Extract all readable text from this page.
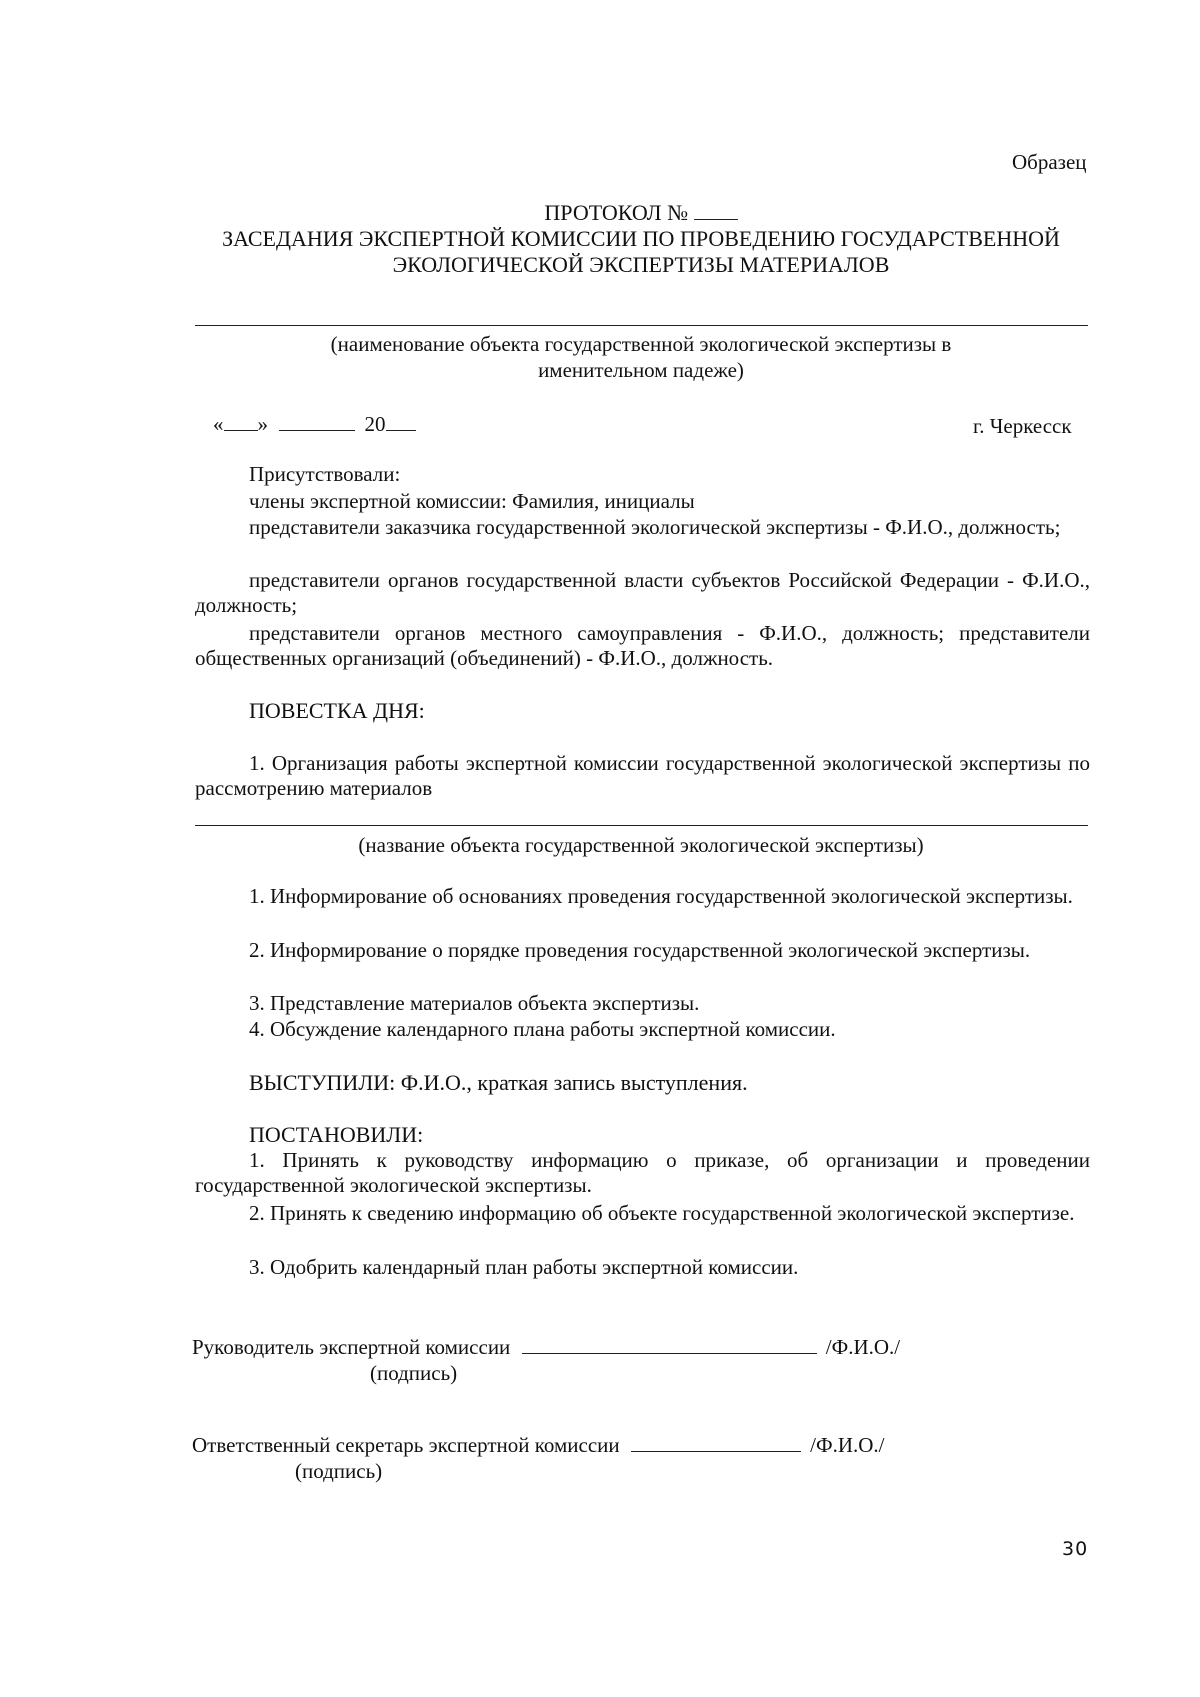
Образец
ПРОТОКОЛ №
ЗАСЕДАНИЯ ЭКСПЕРТНОЙ КОМИССИИ ПО ПРОВЕДЕНИЮ ГОСУДАРСТВЕННОЙ
ЭКОЛОГИЧЕСКОЙ ЭКСПЕРТИЗЫ МАТЕРИАЛОВ
(наименование объекта государственной экологической экспертизы в
именительном падеже)
« »	20	г. Черкесск
Присутствовали:
члены экспертной комиссии: Фамилия, инициалы
представители заказчика государственной экологической экспертизы - Ф.И.О., должность;
представители органов государственной власти субъектов Российской Федерации - Ф.И.О., должность;
представители органов местного самоуправления - Ф.И.О., должность; представители общественных организаций (объединений) - Ф.И.О., должность.
ПОВЕСТКА ДНЯ:
1. Организация работы экспертной комиссии государственной экологической экспертизы по рассмотрению материалов
(название объекта государственной экологической экспертизы)
1. Информирование об основаниях проведения государственной экологической экспертизы.
2. Информирование о порядке проведения государственной экологической экспертизы.
3. Представление материалов объекта экспертизы.
4. Обсуждение календарного плана работы экспертной комиссии.
ВЫСТУПИЛИ: Ф.И.О., краткая запись выступления.
ПОСТАНОВИЛИ:
1. Принять к руководству информацию о приказе, об организации и проведении государственной экологической экспертизы.
2. Принять к сведению информацию об объекте государственной экологической экспертизе.
3. Одобрить календарный план работы экспертной комиссии.
Руководитель экспертной комиссии	/Ф.И.О./
(подпись)
Ответственный секретарь экспертной комиссии	/Ф.И.О./
(подпись)
30
